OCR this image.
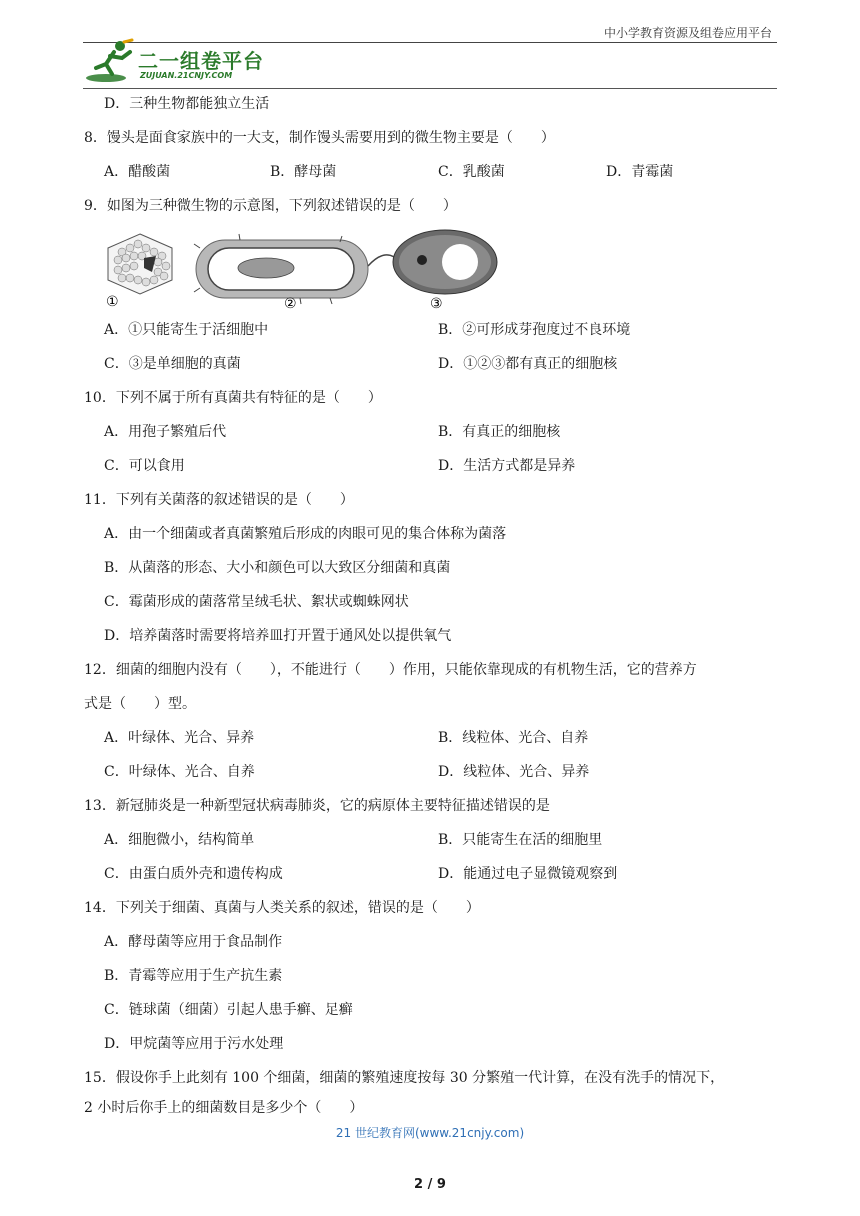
中小学教育资源及组卷应用平台
二一组卷平台
ZUJUAN.21CNJY.COM
D．三种生物都能独立生活
8．馒头是面食家族中的一大支，制作馒头需要用到的微生物主要是（　　）
A．醋酸菌	B．酵母菌	C．乳酸菌	D．青霉菌
9．如图为三种微生物的示意图，下列叙述错误的是（　　）
①	②	③
A．①只能寄生于活细胞中	B．②可形成芽孢度过不良环境
C．③是单细胞的真菌	D．①②③都有真正的细胞核
10．下列不属于所有真菌共有特征的是（　　）
A．用孢子繁殖后代	B．有真正的细胞核
C．可以食用	D．生活方式都是异养
11．下列有关菌落的叙述错误的是（　　）
A．由一个细菌或者真菌繁殖后形成的肉眼可见的集合体称为菌落
B．从菌落的形态、大小和颜色可以大致区分细菌和真菌
C．霉菌形成的菌落常呈绒毛状、絮状或蜘蛛网状
D．培养菌落时需要将培养皿打开置于通风处以提供氧气
12．细菌的细胞内没有（　　），不能进行（　　）作用，只能依靠现成的有机物生活，它的营养方
式是（　　）型。
A．叶绿体、光合、异养	B．线粒体、光合、自养
C．叶绿体、光合、自养	D．线粒体、光合、异养
13．新冠肺炎是一种新型冠状病毒肺炎，它的病原体主要特征描述错误的是
A．细胞微小，结构简单	B．只能寄生在活的细胞里
C．由蛋白质外壳和遗传构成	D．能通过电子显微镜观察到
14．下列关于细菌、真菌与人类关系的叙述，错误的是（　　）
A．酵母菌等应用于食品制作
B．青霉等应用于生产抗生素
C．链球菌（细菌）引起人患手癣、足癣
D．甲烷菌等应用于污水处理
15．假设你手上此刻有 100 个细菌，细菌的繁殖速度按每 30 分繁殖一代计算，在没有洗手的情况下，
2 小时后你手上的细菌数目是多少个（　　）
21 世纪教育网(www.21cnjy.com)
2 / 9
